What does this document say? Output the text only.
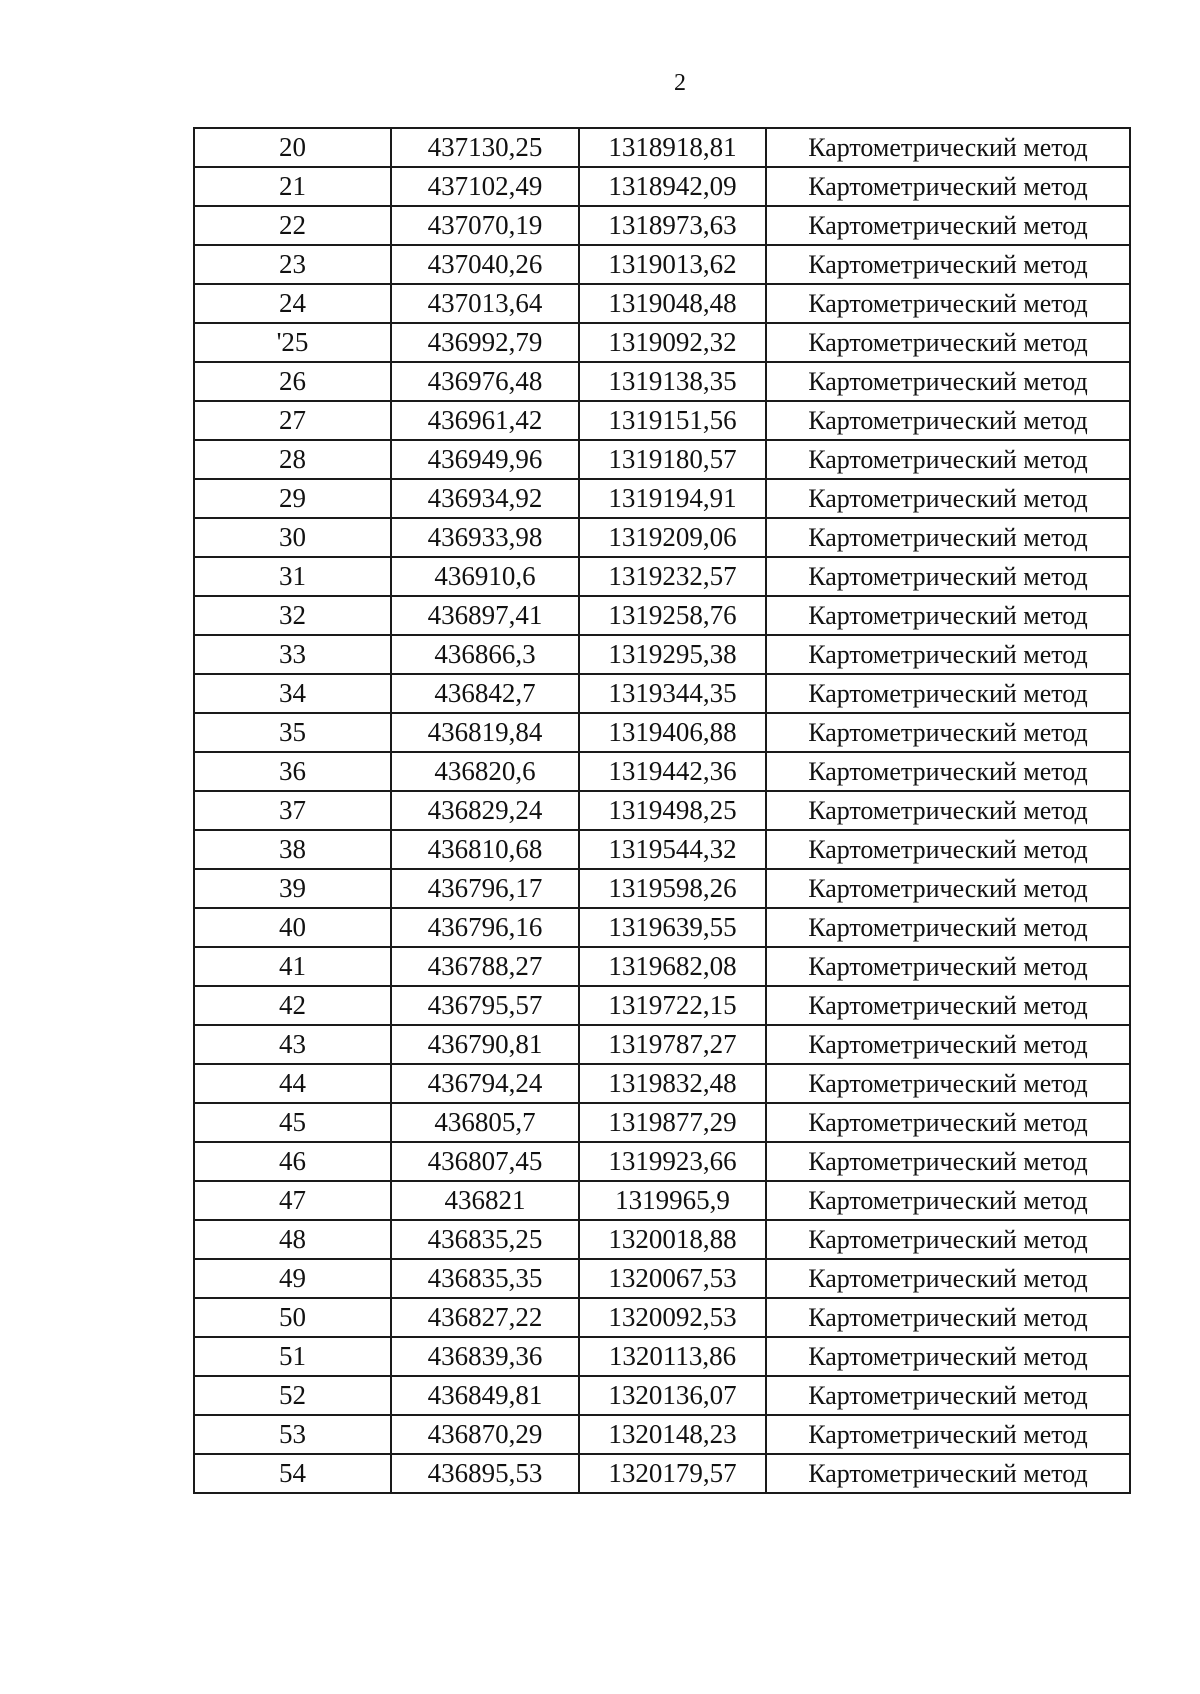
2
20	437130,25	1318918,81	Картометрический метод
21	437102,49	1318942,09	Картометрический метод
22	437070,19	1318973,63	Картометрический метод
23	437040,26	1319013,62	Картометрический метод
24	437013,64	1319048,48	Картометрический метод
'25	436992,79	1319092,32	Картометрический метод
26	436976,48	1319138,35	Картометрический метод
27	436961,42	1319151,56	Картометрический метод
28	436949,96	1319180,57	Картометрический метод
29	436934,92	1319194,91	Картометрический метод
30	436933,98	1319209,06	Картометрический метод
31	436910,6	1319232,57	Картометрический метод
32	436897,41	1319258,76	Картометрический метод
33	436866,3	1319295,38	Картометрический метод
34	436842,7	1319344,35	Картометрический метод
35	436819,84	1319406,88	Картометрический метод
36	436820,6	1319442,36	Картометрический метод
37	436829,24	1319498,25	Картометрический метод
38	436810,68	1319544,32	Картометрический метод
39	436796,17	1319598,26	Картометрический метод
40	436796,16	1319639,55	Картометрический метод
41	436788,27	1319682,08	Картометрический метод
42	436795,57	1319722,15	Картометрический метод
43	436790,81	1319787,27	Картометрический метод
44	436794,24	1319832,48	Картометрический метод
45	436805,7	1319877,29	Картометрический метод
46	436807,45	1319923,66	Картометрический метод
47	436821	1319965,9	Картометрический метод
48	436835,25	1320018,88	Картометрический метод
49	436835,35	1320067,53	Картометрический метод
50	436827,22	1320092,53	Картометрический метод
51	436839,36	1320113,86	Картометрический метод
52	436849,81	1320136,07	Картометрический метод
53	436870,29	1320148,23	Картометрический метод
54	436895,53	1320179,57	Картометрический метод
